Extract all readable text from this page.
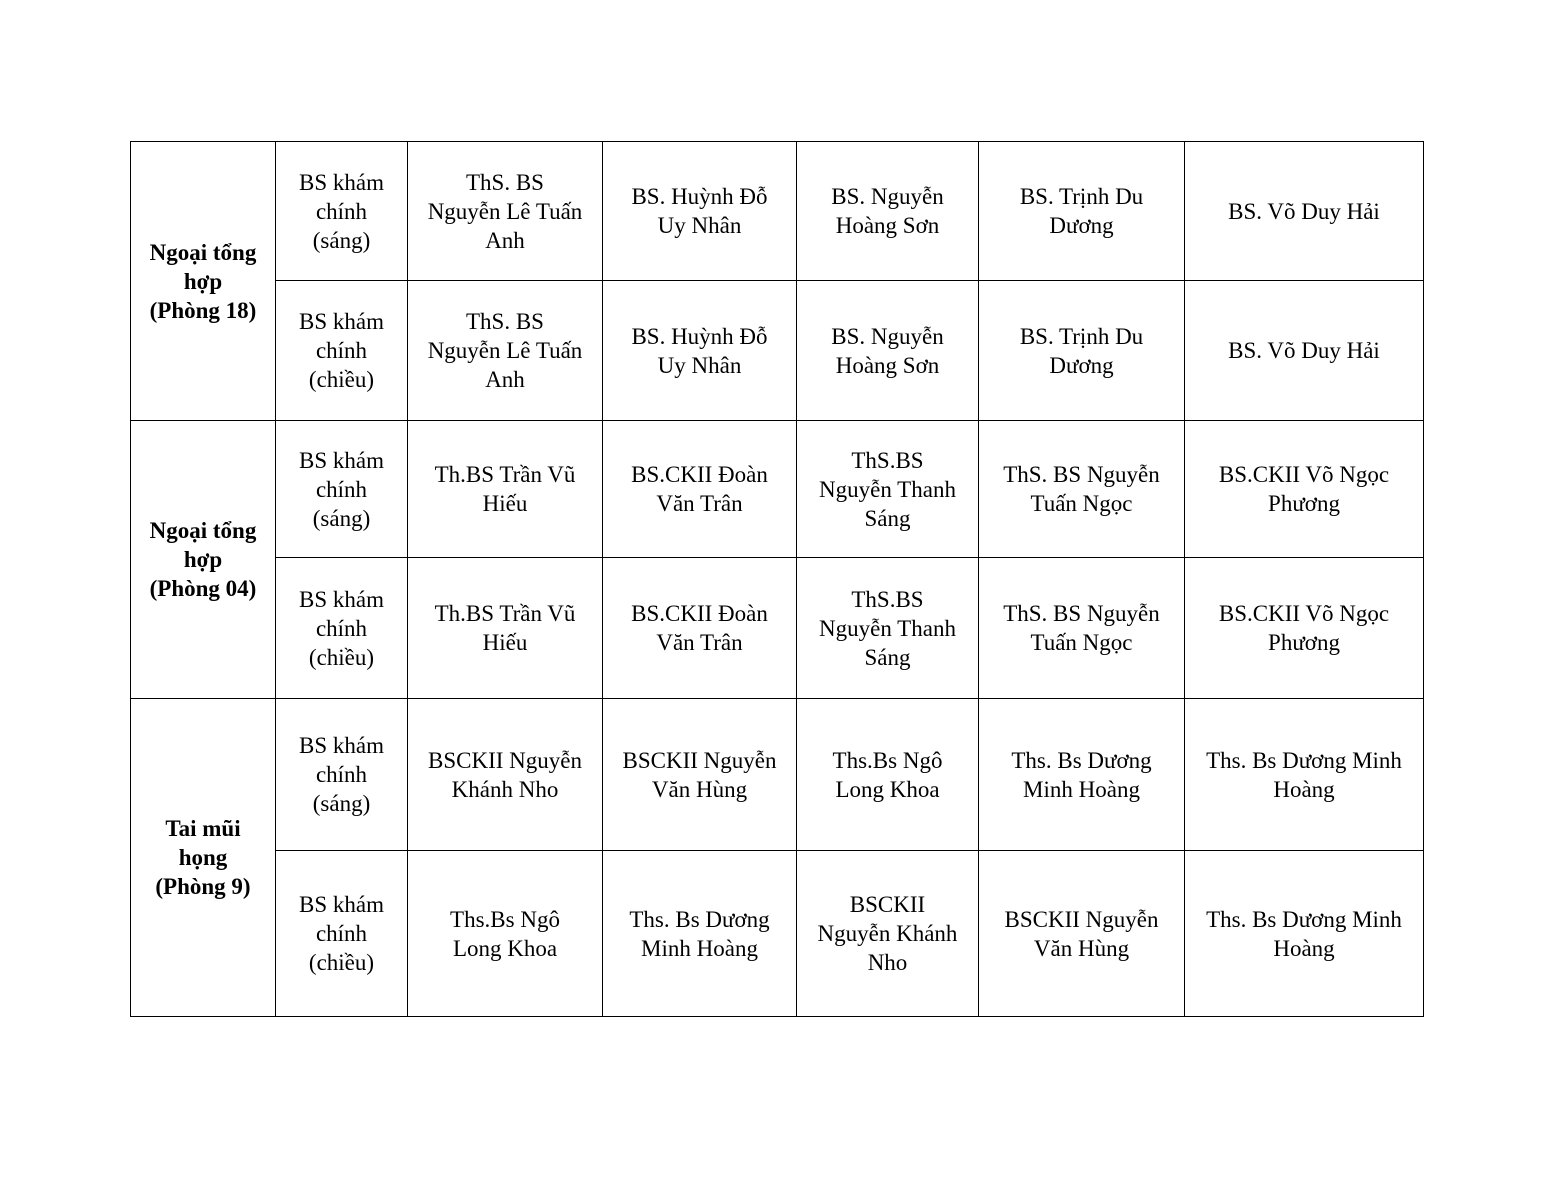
Ngoại tổng
hợp
(Phòng 18)	BS khám
chính
(sáng)	ThS. BS
Nguyễn Lê Tuấn
Anh	BS. Huỳnh Đỗ
Uy Nhân	BS. Nguyễn
Hoàng Sơn	BS. Trịnh Du
Dương	BS. Võ Duy Hải
	BS khám
chính
(chiều)	ThS. BS
Nguyễn Lê Tuấn
Anh	BS. Huỳnh Đỗ
Uy Nhân	BS. Nguyễn
Hoàng Sơn	BS. Trịnh Du
Dương	BS. Võ Duy Hải
Ngoại tổng
hợp
(Phòng 04)	BS khám
chính
(sáng)	Th.BS Trần Vũ
Hiếu	BS.CKII Đoàn
Văn Trân	ThS.BS
Nguyễn Thanh
Sáng	ThS. BS Nguyễn
Tuấn Ngọc	BS.CKII Võ Ngọc
Phương
	BS khám
chính
(chiều)	Th.BS Trần Vũ
Hiếu	BS.CKII Đoàn
Văn Trân	ThS.BS
Nguyễn Thanh
Sáng	ThS. BS Nguyễn
Tuấn Ngọc	BS.CKII Võ Ngọc
Phương
Tai mũi
họng
(Phòng 9)	BS khám
chính
(sáng)	BSCKII Nguyễn
Khánh Nho	BSCKII Nguyễn
Văn Hùng	Ths.Bs Ngô
Long Khoa	Ths. Bs Dương
Minh Hoàng	Ths. Bs Dương Minh
Hoàng
	BS khám
chính
(chiều)	Ths.Bs Ngô
Long Khoa	Ths. Bs Dương
Minh Hoàng	BSCKII
Nguyễn Khánh
Nho	BSCKII Nguyễn
Văn Hùng	Ths. Bs Dương Minh
Hoàng
